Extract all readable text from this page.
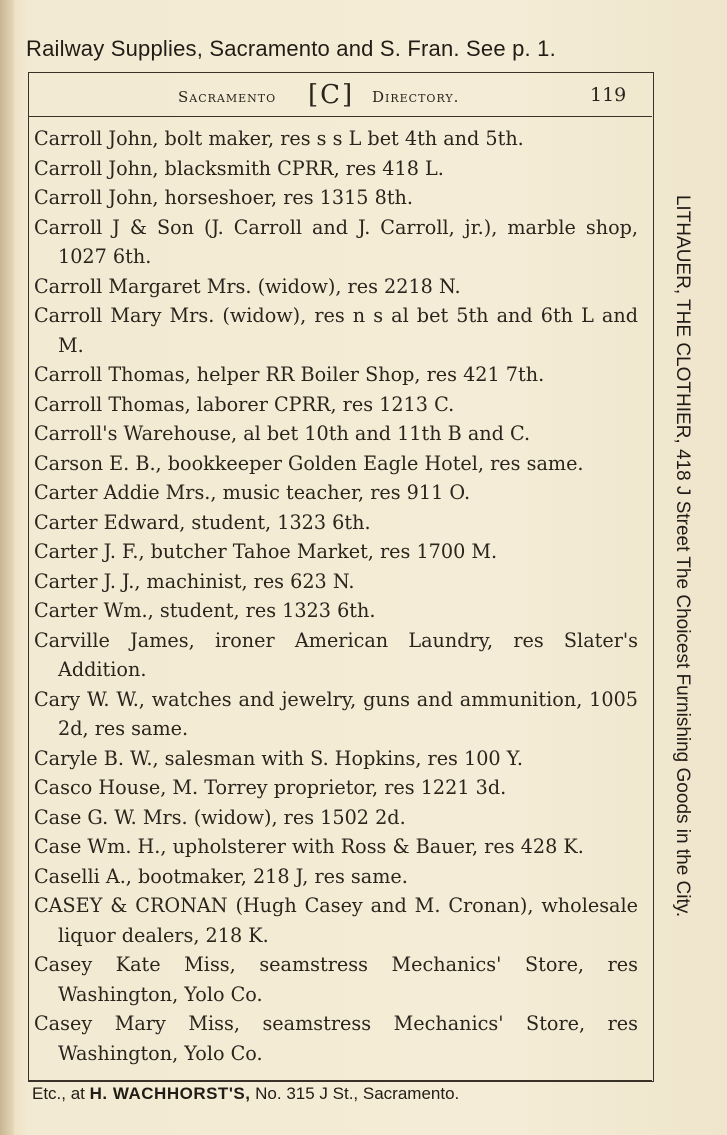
Railway Supplies, Sacramento and S. Fran. See p. 1.
Sacramento [C] Directory.	119
Carroll John, bolt maker, res s s L bet 4th and 5th.
Carroll John, blacksmith CPRR, res 418 L.
Carroll John, horseshoer, res 1315 8th.
Carroll J & Son (J. Carroll and J. Carroll, jr.), marble shop, 1027 6th.
Carroll Margaret Mrs. (widow), res 2218 N.
Carroll Mary Mrs. (widow), res n s al bet 5th and 6th L and M.
Carroll Thomas, helper RR Boiler Shop, res 421 7th.
Carroll Thomas, laborer CPRR, res 1213 C.
Carroll's Warehouse, al bet 10th and 11th B and C.
Carson E. B., bookkeeper Golden Eagle Hotel, res same.
Carter Addie Mrs., music teacher, res 911 O.
Carter Edward, student, 1323 6th.
Carter J. F., butcher Tahoe Market, res 1700 M.
Carter J. J., machinist, res 623 N.
Carter Wm., student, res 1323 6th.
Carville James, ironer American Laundry, res Slater's Addition.
Cary W. W., watches and jewelry, guns and ammunition, 1005 2d, res same.
Caryle B. W., salesman with S. Hopkins, res 100 Y.
Casco House, M. Torrey proprietor, res 1221 3d.
Case G. W. Mrs. (widow), res 1502 2d.
Case Wm. H., upholsterer with Ross & Bauer, res 428 K.
Caselli A., bootmaker, 218 J, res same.
CASEY & CRONAN (Hugh Casey and M. Cronan), wholesale liquor dealers, 218 K.
Casey Kate Miss, seamstress Mechanics' Store, res Washington, Yolo Co.
Casey Mary Miss, seamstress Mechanics' Store, res Washington, Yolo Co.
LITHAUER, THE CLOTHIER, 418 J Street The Choicest Furnishing Goods in the City.
Etc., at H. WACHHORST'S, No. 315 J St., Sacramento.
